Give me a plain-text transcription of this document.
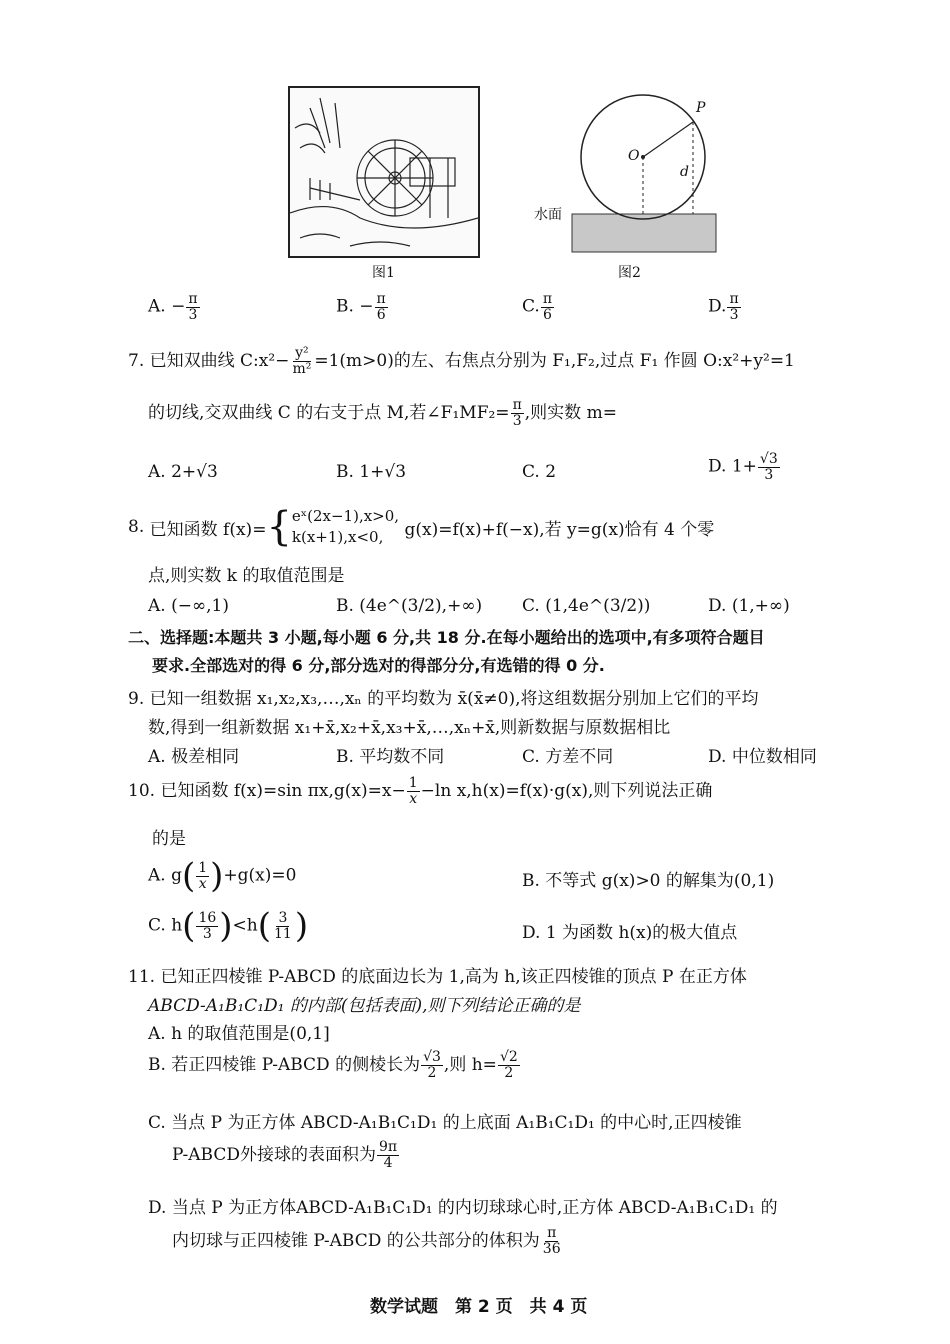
图1
P
O
d
水面
图2
A. − $\frac{\pi}{3}$	B. − $\frac{\pi}{6}$	C. $\frac{\pi}{6}$	D. $\frac{\pi}{3}$
7. 已知双曲线 C:x²− $\frac{\text{y²}}{\text{m²}} =1(m>0)$的左、右焦点分别为 F₁,F₂,过点 F₁ 作圆 O:x²+y²=1
的切线,交双曲线 C 的右支于点 M,若∠F₁MF₂= $\frac{\pi}{3}$ ,则实数 m=
A. 2+√3	B. 1+√3	C. 2	D. $1+ \frac{√3}{3}$
8.
已知函数 f(x)= { eˣ(2x−1),x>0,
k(x+1),x<0,
	g(x)=f(x)+f(−x),若 y=g(x)恰有 4 个零
点,则实数 k 的取值范围是
A. (−∞,1)	B. (4e^(3/2),+∞) C. (1,4e^(3/2))	D. (1,+∞)
二、选择题:本题共 3 小题,每小题 6 分,共 18 分.在每小题给出的选项中,有多项符合题目
要求.全部选对的得 6 分,部分选对的得部分分,有选错的得 0 分.
9. 已知一组数据 x₁,x₂,x₃,…,xₙ 的平均数为 x̄(x̄≠0),将这组数据分别加上它们的平均
数,得到一组新数据 x₁+x̄,x₂+x̄,x₃+x̄,…,xₙ+x̄,则新数据与原数据相比
A. 极差相同	B. 平均数不同	C. 方差不同	D. 中位数相同
10. 已知函数 f(x)=sin $\pi x,g(x)=x- \frac{1}{x} -\ln$ x,h(x)=f(x)·g(x),则下列说法正确
的是
A. $g( \frac{1}{x} )+g(x)=0$	B. 不等式 g(x)>0 的解集为(0,1)
C. $h( \frac{16}{3} )<h( \frac{3}{11}$ )	D. 1 为函数 h(x)的极大值点
11. 已知正四棱锥 P-ABCD 的底面边长为 1,高为 h,该正四棱锥的顶点 P 在正方体
ABCD-A₁B₁C₁D₁ 的内部(包括表面),则下列结论正确的是
A. h 的取值范围是(0,1]
B. 若正四棱锥 P-ABCD 的侧棱长为 $\frac{√3}{2}$ ,则 $h= \frac{√2}{2}$
C. 当点 P 为正方体 ABCD-A₁B₁C₁D₁ 的上底面 A₁B₁C₁D₁ 的中心时,正四棱锥
P-ABCD外接球的表面积为 $\frac{9\pi}{4}$
D. 当点 P 为正方体ABCD-A₁B₁C₁D₁ 的内切球球心时,正方体 ABCD-A₁B₁C₁D₁ 的
内切球与正四棱锥 P-ABCD 的公共部分的体积为 $\frac{\pi}{36}$
数学试题　第 2 页　共 4 页
